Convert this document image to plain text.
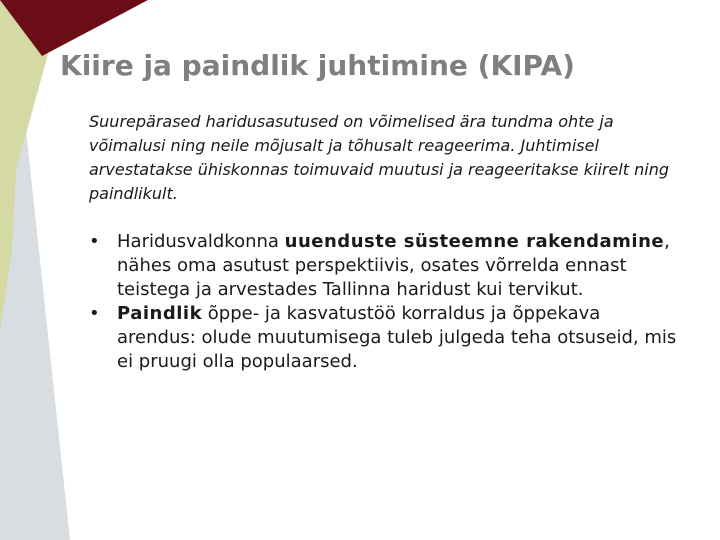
Kiire ja paindlik juhtimine (KIPA)

Suurepärased haridusasutused on võimelised ära tundma ohte ja võimalusi ning neile mõjusalt ja tõhusalt reageerima. Juhtimisel arvestatakse ühiskonnas toimuvaid muutusi ja reageeritakse kiirelt ning paindlikult.

• Haridusvaldkonna uuenduste süsteemne rakendamine, nähes oma asutust perspektiivis, osates võrrelda ennast teistega ja arvestades Tallinna haridust kui tervikut.
• Paindlik õppe- ja kasvatustöö korraldus ja õppekava arendus: olude muutumisega tuleb julgeda teha otsuseid, mis ei pruugi olla populaarsed.
